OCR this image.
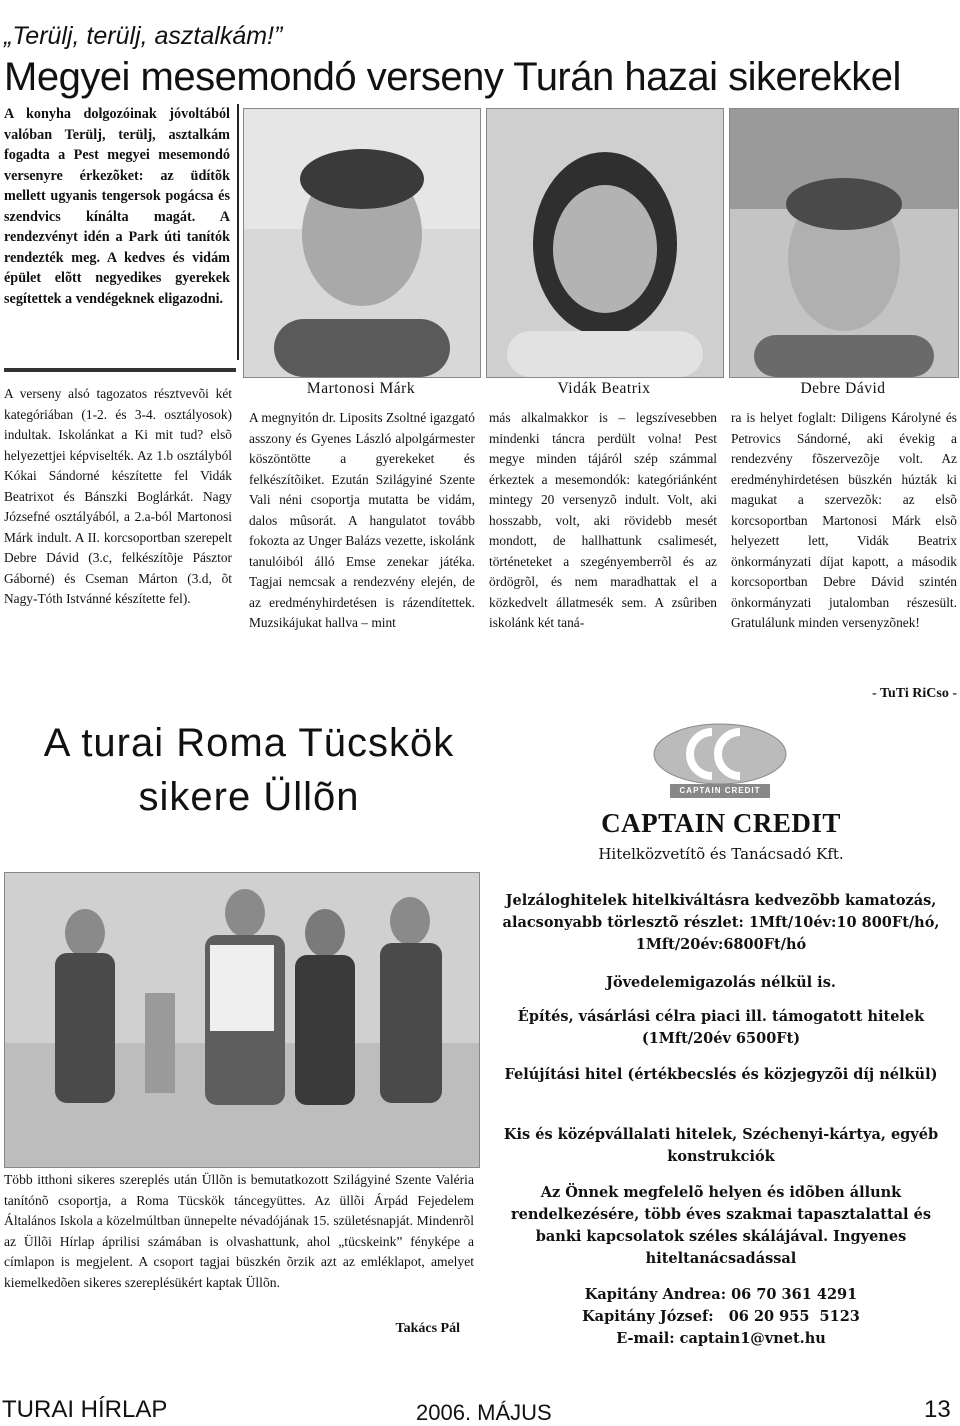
„Terülj, terülj, asztalkám!”
Megyei mesemondó verseny Turán hazai sikerekkel
A konyha dolgozóinak jóvoltából valóban Terülj, terülj, asztalkám fogadta a Pest megyei mesemondó versenyre érkezõket: az üdítõk mellett ugyanis tengersok pogácsa és szendvics kínálta magát. A rendezvényt idén a Park úti tanítók rendezték meg. A kedves és vidám épület elõtt negyedikes gyerekek segítettek a vendégeknek eligazodni.
Martonosi Márk	Vidák Beatrix	Debre Dávid
A verseny alsó tagozatos résztvevõi két kategóriában (1-2. és 3-4. osztályosok) indultak. Iskolánkat a Ki mit tud? elsõ helyezettjei képviselték. Az 1.b osztályból Kókai Sándorné készítette fel Vidák Beatrixot és Bánszki Boglárkát. Nagy Józsefné osztályából, a 2.a-ból Martonosi Márk indult. A II. korcsoportban szerepelt Debre Dávid (3.c, felkészítõje Pásztor Gáborné) és Cseman Márton (3.d, õt Nagy-Tóth Istvánné készítette fel).
A megnyitón dr. Liposits Zsoltné igazgató asszony és Gyenes László alpolgármester köszöntötte a gyerekeket és felkészítõiket. Ezután Szilágyiné Szente Vali néni csoportja mutatta be vidám, dalos mûsorát. A hangulatot tovább fokozta az Unger Balázs vezette, iskolánk tanulóiból álló Emse zenekar játéka. Tagjai nemcsak a rendezvény elején, de az eredményhirdetésen is rázendítettek. Muzsikájukat hallva – mint
más alkalmakkor is – legszívesebben mindenki táncra perdült volna! Pest megye minden tájáról szép számmal érkeztek a mesemondók: kategóriánként mintegy 20 versenyzõ indult. Volt, aki hosszabb, volt, aki rövidebb mesét mondott, de hallhattunk csalimesét, történeteket a szegényemberrõl és az ördögrõl, és nem maradhattak el a közkedvelt állatmesék sem. A zsûriben iskolánk két taná-
ra is helyet foglalt: Diligens Károlyné és Petrovics Sándorné, aki évekig a rendezvény fõszervezõje volt. Az eredményhirdetésen büszkén húzták ki magukat a szervezõk: az elsõ korcsoportban Martonosi Márk elsõ helyezett lett, Vidák Beatrix önkormányzati díjat kapott, a második korcsoportban Debre Dávid szintén önkormányzati jutalomban részesült. Gratulálunk minden versenyzõnek!
- TuTi RiCso -
A turai Roma Tücskök
sikere Üllõn
Több itthoni sikeres szereplés után Üllõn is bemutatkozott Szilágyiné Szente Valéria tanítónõ csoportja, a Roma Tücskök táncegyüttes. Az üllõi Árpád Fejedelem Általános Iskola a közelmúltban ünnepelte névadójának 15. születésnapját. Mindenrõl az Üllõi Hírlap áprilisi számában is olvashattunk, ahol „tücskeink” fényképe a címlapon is megjelent. A csoport tagjai büszkén õrzik azt az emléklapot, amelyet kiemelkedõen sikeres szereplésükért kaptak Üllõn.
Takács Pál
CAPTAIN CREDIT
CAPTAIN CREDIT
Hitelközvetítõ és Tanácsadó Kft.
Jelzáloghitelek hitelkiváltásra kedvezõbb kamatozás, alacsonyabb törlesztõ részlet: 1Mft/10év:10 800Ft/hó, 1Mft/20év:6800Ft/hó
Jövedelemigazolás nélkül is.
Építés, vásárlási célra piaci ill. támogatott hitelek (1Mft/20év 6500Ft)
Felújítási hitel (értékbecslés és közjegyzõi díj nélkül)
Kis és középvállalati hitelek, Széchenyi-kártya, egyéb konstrukciók
Az Önnek megfelelõ helyen és idõben állunk rendelkezésére, több éves szakmai tapasztalattal és banki kapcsolatok széles skálájával. Ingyenes hiteltanácsadással
Kapitány Andrea: 06 70 361 4291
Kapitány József:   06 20 955  5123
E-mail: captain1@vnet.hu
TURAI HÍRLAP	2006. MÁJUS	13
